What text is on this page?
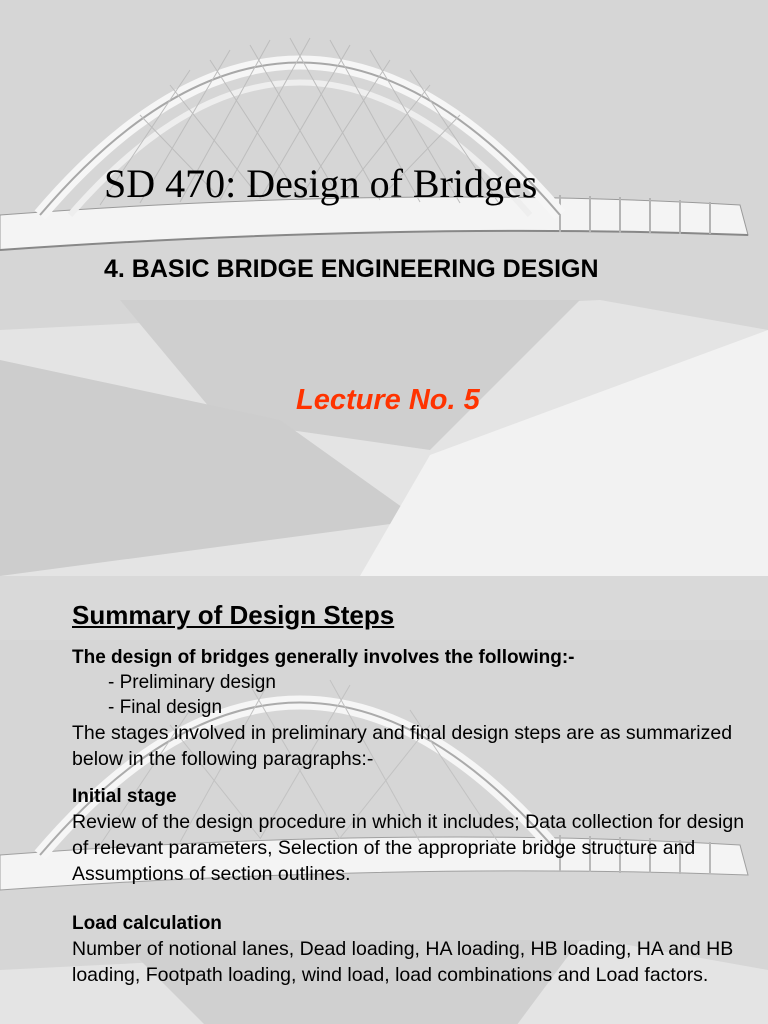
SD 470: Design of Bridges
4. BASIC BRIDGE ENGINEERING DESIGN

Lecture No. 5

Summary of Design Steps

The design of bridges generally involves the following:-

- Preliminary design

- Final design

The stages involved in preliminary and final design steps are as summarized below in the following paragraphs:-

Initial stage

Review of the design procedure in which it includes; Data collection for design of relevant parameters, Selection of the appropriate bridge structure and Assumptions of section outlines.

Load calculation

Number of notional lanes, Dead loading, HA loading, HB loading, HA and HB loading, Footpath loading, wind load, load combinations and Load factors.
